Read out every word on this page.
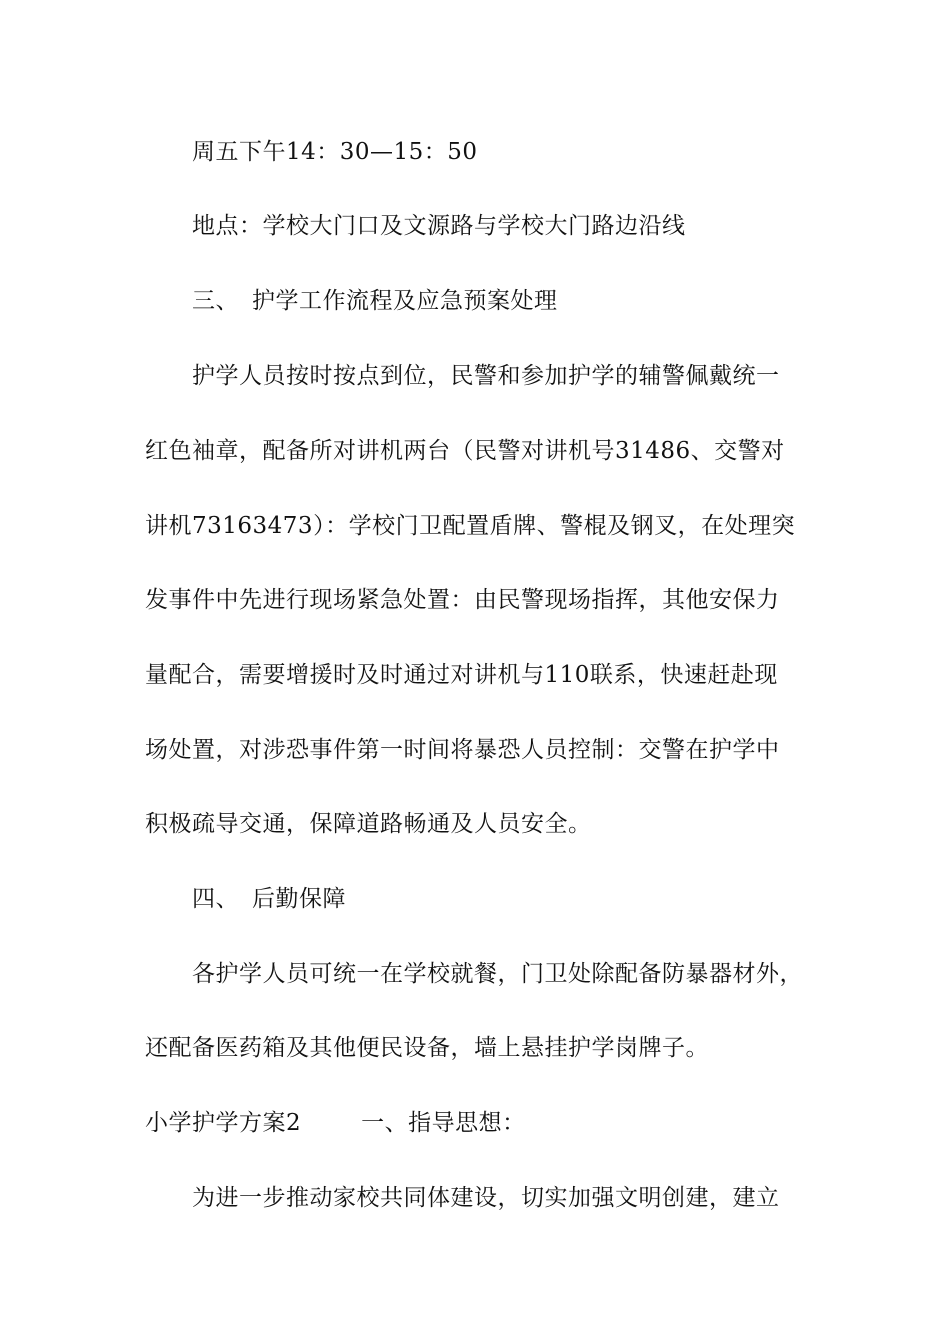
周五下午14：30—15：50
地点：学校大门口及文源路与学校大门路边沿线
三、 护学工作流程及应急预案处理
护学人员按时按点到位，民警和参加护学的辅警佩戴统一
红色袖章，配备所对讲机两台（民警对讲机号31486、交警对
讲机73163473）：学校门卫配置盾牌、警棍及钢叉，在处理突
发事件中先进行现场紧急处置：由民警现场指挥，其他安保力
量配合，需要增援时及时通过对讲机与110联系，快速赶赴现
场处置，对涉恐事件第一时间将暴恐人员控制：交警在护学中
积极疏导交通，保障道路畅通及人员安全。
四、 后勤保障
各护学人员可统一在学校就餐，门卫处除配备防暴器材外，
还配备医药箱及其他便民设备，墙上悬挂护学岗牌子。
小学护学方案2	一、指导思想：
为进一步推动家校共同体建设，切实加强文明创建，建立
